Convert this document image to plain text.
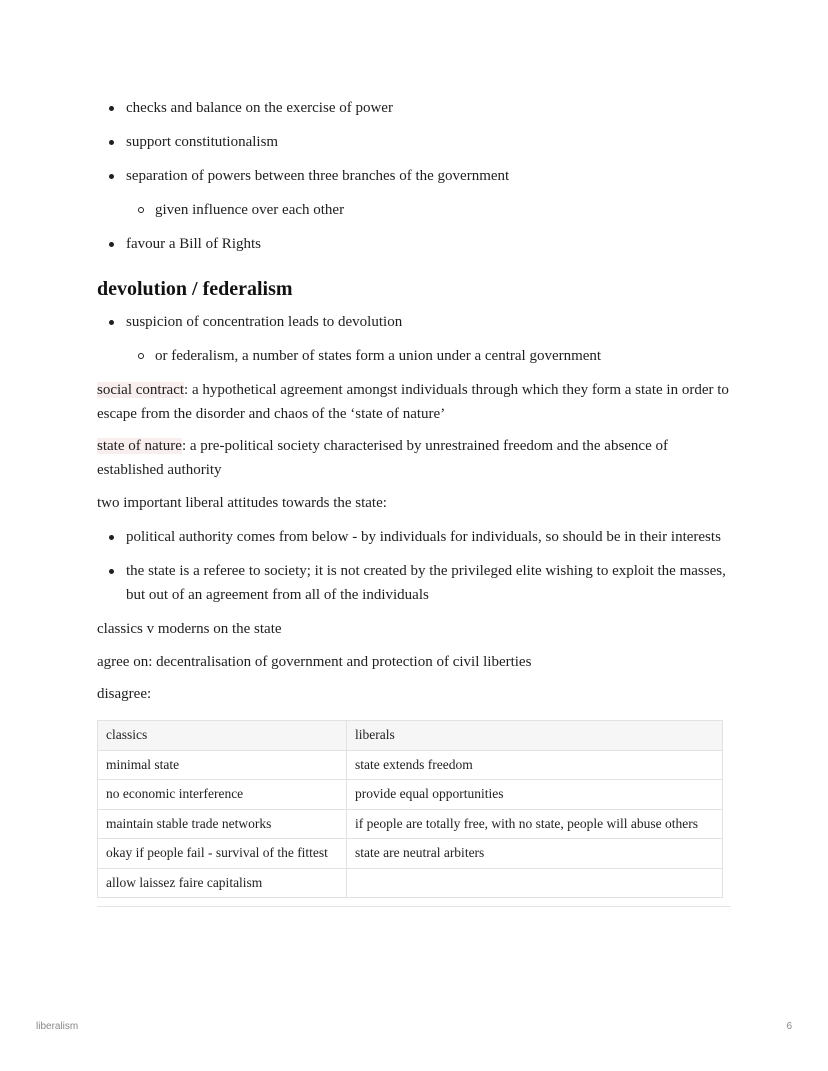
checks and balance on the exercise of power
support constitutionalism
separation of powers between three branches of the government
given influence over each other
favour a Bill of Rights
devolution / federalism
suspicion of concentration leads to devolution
or federalism, a number of states form a union under a central government

social contract: a hypothetical agreement amongst individuals through which they form a state in order to escape from the disorder and chaos of the ‘state of nature’

state of nature: a pre-political society characterised by unrestrained freedom and the absence of established authority

two important liberal attitudes towards the state:

political authority comes from below - by individuals for individuals, so should be in their interests
the state is a referee to society; it is not created by the privileged elite wishing to exploit the masses, but out of an agreement from all of the individuals

classics v moderns on the state

agree on: decentralisation of government and protection of civil liberties

disagree:

classics	liberals
minimal state	state extends freedom
no economic interference	provide equal opportunities
maintain stable trade networks	if people are totally free, with no state, people will abuse others
okay if people fail - survival of the fittest	state are neutral arbiters
allow laissez faire capitalism	
liberalism	6
